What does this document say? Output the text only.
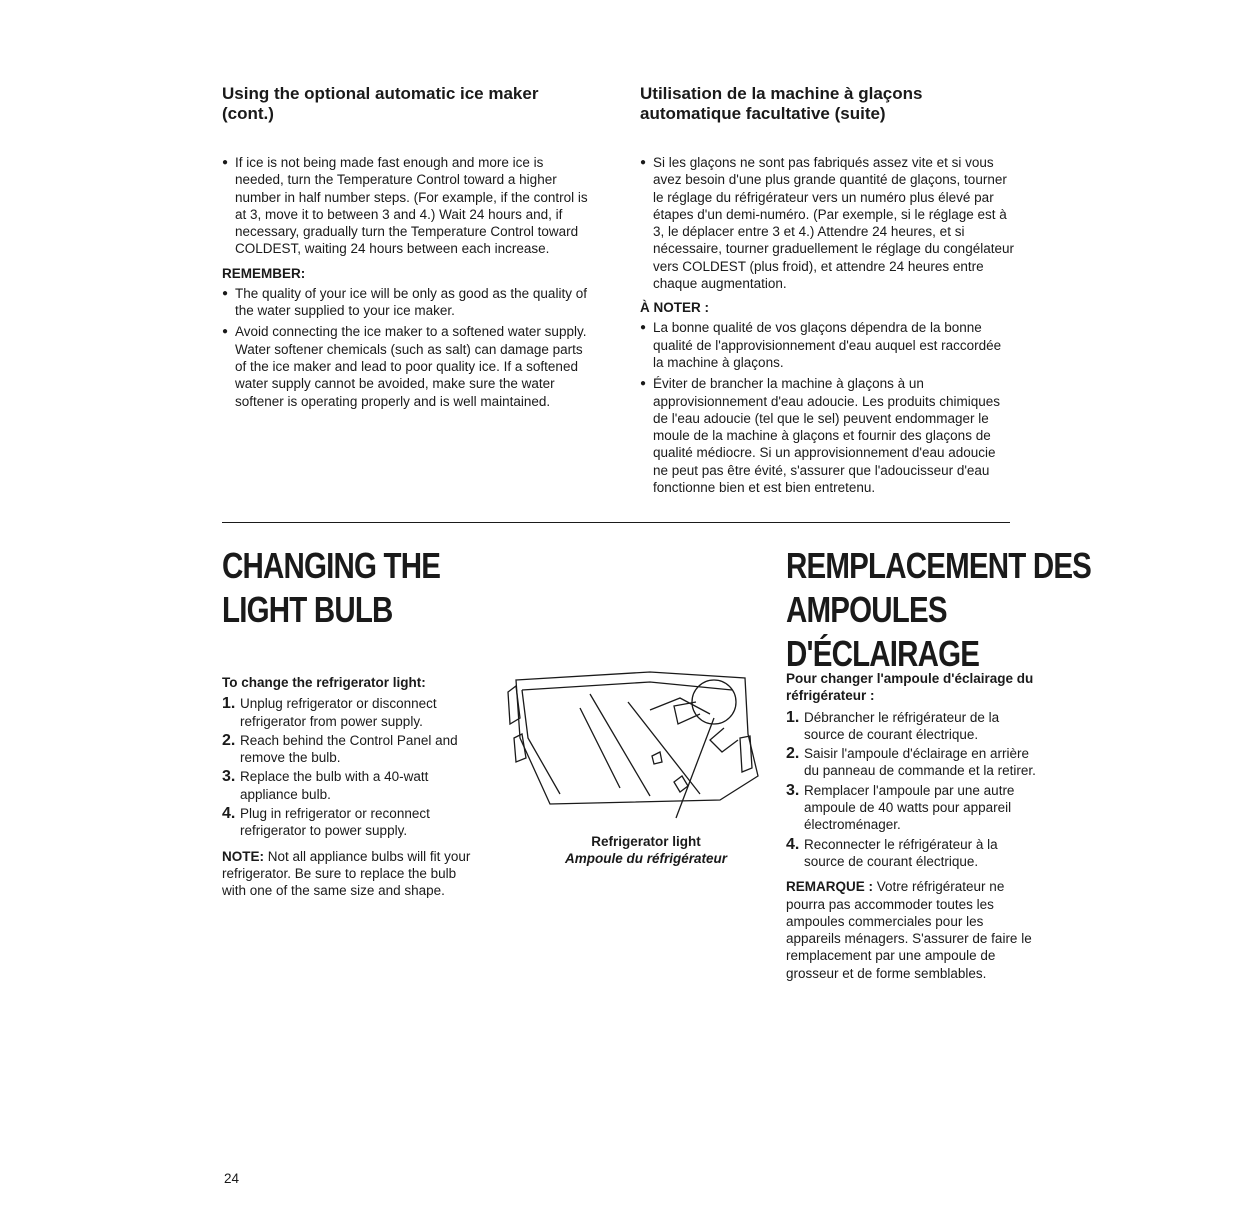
Using the optional automatic ice maker (cont.)
● If ice is not being made fast enough and more ice is needed, turn the Temperature Control toward a higher number in half number steps. (For example, if the control is at 3, move it to between 3 and 4.) Wait 24 hours and, if necessary, gradually turn the Temperature Control toward COLDEST, waiting 24 hours between each increase.
REMEMBER:
● The quality of your ice will be only as good as the quality of the water supplied to your ice maker.
● Avoid connecting the ice maker to a softened water supply. Water softener chemicals (such as salt) can damage parts of the ice maker and lead to poor quality ice. If a softened water supply cannot be avoided, make sure the water softener is operating properly and is well maintained.
Utilisation de la machine à glaçons automatique facultative (suite)
● Si les glaçons ne sont pas fabriqués assez vite et si vous avez besoin d'une plus grande quantité de glaçons, tourner le réglage du réfrigérateur vers un numéro plus élevé par étapes d'un demi-numéro. (Par exemple, si le réglage est à 3, le déplacer entre 3 et 4.) Attendre 24 heures, et si nécessaire, tourner graduellement le réglage du congélateur vers COLDEST (plus froid), et attendre 24 heures entre chaque augmentation.
À NOTER :
● La bonne qualité de vos glaçons dépendra de la bonne qualité de l'approvisionnement d'eau auquel est raccordée la machine à glaçons.
● Éviter de brancher la machine à glaçons à un approvisionnement d'eau adoucie. Les produits chimiques de l'eau adoucie (tel que le sel) peuvent endommager le moule de la machine à glaçons et fournir des glaçons de qualité médiocre. Si un approvisionnement d'eau adoucie ne peut pas être évité, s'assurer que l'adoucisseur d'eau fonctionne bien et est bien entretenu.
CHANGING THE
LIGHT BULB
REMPLACEMENT DES
AMPOULES
D'ÉCLAIRAGE
To change the refrigerator light:
1. Unplug refrigerator or disconnect refrigerator from power supply.
2. Reach behind the Control Panel and remove the bulb.
3. Replace the bulb with a 40-watt appliance bulb.
4. Plug in refrigerator or reconnect refrigerator to power supply.
NOTE: Not all appliance bulbs will fit your refrigerator. Be sure to replace the bulb with one of the same size and shape.
Refrigerator light
Ampoule du réfrigérateur
Pour changer l'ampoule d'éclairage du réfrigérateur :
1. Débrancher le réfrigérateur de la source de courant électrique.
2. Saisir l'ampoule d'éclairage en arrière du panneau de commande et la retirer.
3. Remplacer l'ampoule par une autre ampoule de 40 watts pour appareil électroménager.
4. Reconnecter le réfrigérateur à la source de courant électrique.
REMARQUE : Votre réfrigérateur ne pourra pas accommoder toutes les ampoules commerciales pour les appareils ménagers. S'assurer de faire le remplacement par une ampoule de grosseur et de forme semblables.
24
